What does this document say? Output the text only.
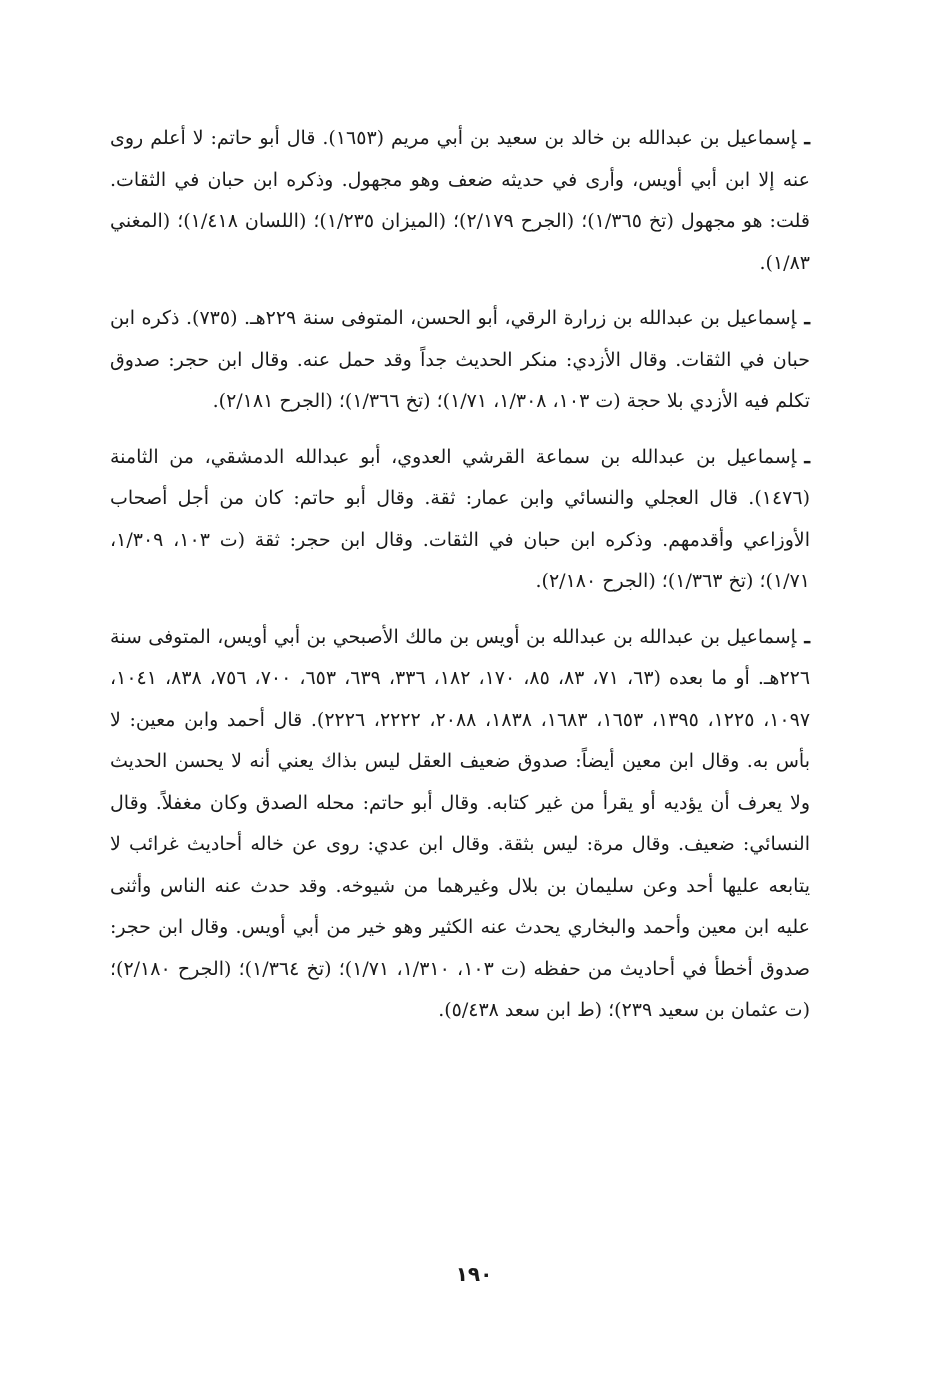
ـإسماعيل بن عبدالله بن خالد بن سعيد بن أبي مريم (١٦٥٣). قال أبو حاتم: لا أعلم روى عنه إلا ابن أبي أويس، وأرى في حديثه ضعف وهو مجهول. وذكره ابن حبان في الثقات. قلت: هو مجهول (تخ ١/٣٦٥)؛ (الجرح ٢/١٧٩)؛ (الميزان ١/٢٣٥)؛ (اللسان ١/٤١٨)؛ (المغني ١/٨٣).

ـإسماعيل بن عبدالله بن زرارة الرقي، أبو الحسن، المتوفى سنة ٢٢٩هـ. (٧٣٥). ذكره ابن حبان في الثقات. وقال الأزدي: منكر الحديث جداً وقد حمل عنه. وقال ابن حجر: صدوق تكلم فيه الأزدي بلا حجة (ت ١٠٣، ١/٣٠٨، ١/٧١)؛ (تخ ١/٣٦٦)؛ (الجرح ٢/١٨١).

ـإسماعيل بن عبدالله بن سماعة القرشي العدوي، أبو عبدالله الدمشقي، من الثامنة (١٤٧٦). قال العجلي والنسائي وابن عمار: ثقة. وقال أبو حاتم: كان من أجل أصحاب الأوزاعي وأقدمهم. وذكره ابن حبان في الثقات. وقال ابن حجر: ثقة (ت ١٠٣، ١/٣٠٩، ١/٧١)؛ (تخ ١/٣٦٣)؛ (الجرح ٢/١٨٠).

ـإسماعيل بن عبدالله بن عبدالله بن أويس بن مالك الأصبحي بن أبي أويس، المتوفى سنة ٢٢٦هـ. أو ما بعده (٦٣، ٧١، ٨٣، ٨٥، ١٧٠، ١٨٢، ٣٣٦، ٦٣٩، ٦٥٣، ٧٠٠، ٧٥٦، ٨٣٨، ١٠٤١، ١٠٩٧، ١٢٢٥، ١٣٩٥، ١٦٥٣، ١٦٨٣، ١٨٣٨، ٢٠٨٨، ٢٢٢٢، ٢٢٢٦). قال أحمد وابن معين: لا بأس به. وقال ابن معين أيضاً: صدوق ضعيف العقل ليس بذاك يعني أنه لا يحسن الحديث ولا يعرف أن يؤديه أو يقرأ من غير كتابه. وقال أبو حاتم: محله الصدق وكان مغفلاً. وقال النسائي: ضعيف. وقال مرة: ليس بثقة. وقال ابن عدي: روى عن خاله أحاديث غرائب لا يتابعه عليها أحد وعن سليمان بن بلال وغيرهما من شيوخه. وقد حدث عنه الناس وأثنى عليه ابن معين وأحمد والبخاري يحدث عنه الكثير وهو خير من أبي أويس. وقال ابن حجر: صدوق أخطأ في أحاديث من حفظه (ت ١٠٣، ١/٣١٠، ١/٧١)؛ (تخ ١/٣٦٤)؛ (الجرح ٢/١٨٠)؛ (ت عثمان بن سعيد ٢٣٩)؛ (ط ابن سعد ٥/٤٣٨).

١٩٠
